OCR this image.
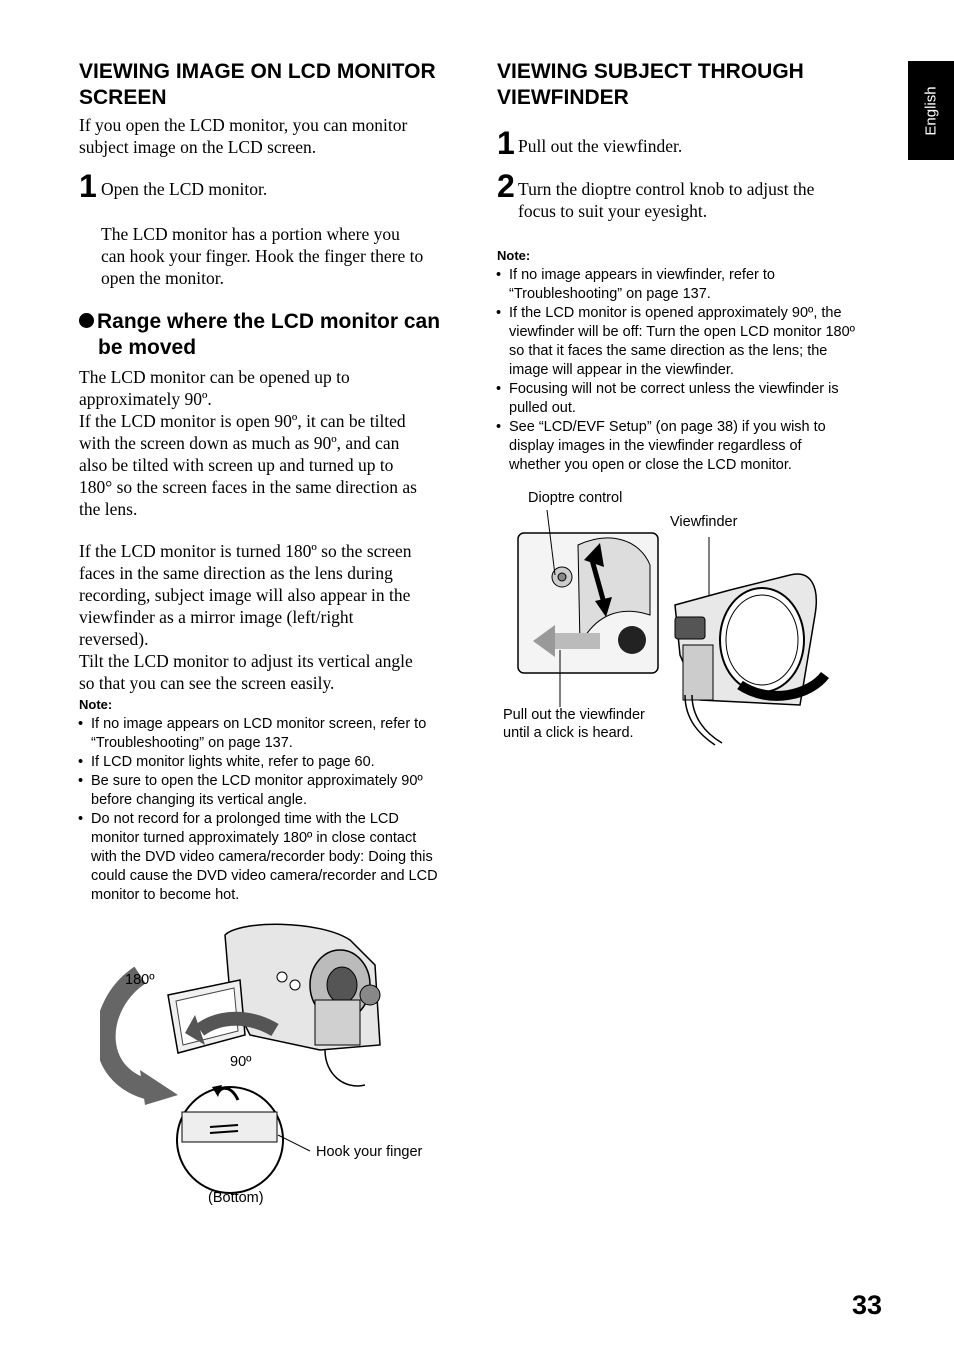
English
VIEWING IMAGE ON LCD MONITOR
SCREEN
If you open the LCD monitor, you can monitor
subject image on the LCD screen.
1 Open the LCD monitor.
The LCD monitor has a portion where you
can hook your finger. Hook the finger there to
open the monitor.
Range where the LCD monitor can
be moved
The LCD monitor can be opened up to
approximately 90º.
If the LCD monitor is open 90º, it can be tilted
with the screen down as much as 90º, and can
also be tilted with screen up and turned up to
180° so the screen faces in the same direction as
the lens.
If the LCD monitor is turned 180º so the screen
faces in the same direction as the lens during
recording, subject image will also appear in the
viewfinder as a mirror image (left/right
reversed).
Tilt the LCD monitor to adjust its vertical angle
so that you can see the screen easily.
Note:
• If no image appears on LCD monitor screen, refer to
“Troubleshooting” on page 137.
• If LCD monitor lights white, refer to page 60.
• Be sure to open the LCD monitor approximately 90º
before changing its vertical angle.
• Do not record for a prolonged time with the LCD
monitor turned approximately 180º in close contact
with the DVD video camera/recorder body: Doing this
could cause the DVD video camera/recorder and LCD
monitor to become hot.
180º
90º
Hook your finger
(Bottom)
VIEWING SUBJECT THROUGH
VIEWFINDER
1 Pull out the viewfinder.
2 Turn the dioptre control knob to adjust the
focus to suit your eyesight.
Note:
• If no image appears in viewfinder, refer to
“Troubleshooting” on page 137.
• If the LCD monitor is opened approximately 90º, the
viewfinder will be off: Turn the open LCD monitor 180º
so that it faces the same direction as the lens; the
image will appear in the viewfinder.
• Focusing will not be correct unless the viewfinder is
pulled out.
• See “LCD/EVF Setup” (on page 38) if you wish to
display images in the viewfinder regardless of
whether you open or close the LCD monitor.
Dioptre control
Viewfinder
Pull out the viewfinder
until a click is heard.
33
